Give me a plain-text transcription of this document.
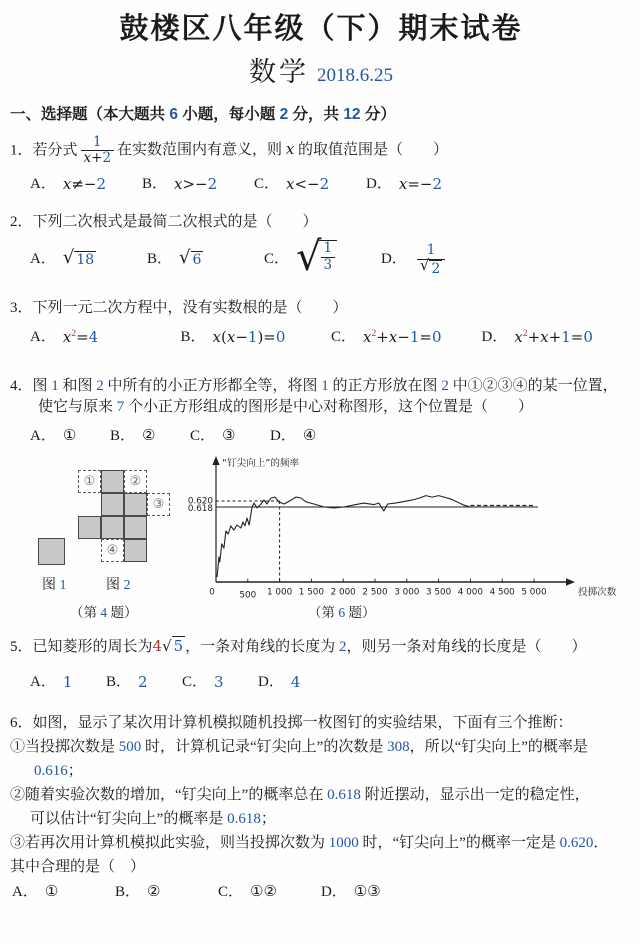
鼓楼区八年级（下）期末试卷
数学 2018.6.25
一、选择题（本大题共 6 小题，每小题 2 分，共 12 分）
1．若分式 $\frac{1}{x+2}$ 在实数范围内有意义，则 x 的取值范围是（　　）
A． x≠−2 B． x>−2 C． x<−2 D． x=−2
2．下列二次根式是最简二次根式的是（　　）
A． √ 18	B． √ 6	C． √ $\frac{1}{3}$	D． $\frac{1}{√ 2}$
3．下列一元二次方程中，没有实数根的是（　　）
A． $x^2=4$	B． x(x−1)=0	C． $x^2+x-1=0$	D． $x^2+x+1=0$
4．图 1 和图 2 中所有的小正方形都全等，将图 1 的正方形放在图 2 中①②③④的某一位置，
使它与原来 7 个小正方形组成的图形是中心对称图形，这个位置是（　　）
A． ① B． ② C． ③ D． ④
①	②
③
④
图 1	图 2
（第 4 题）
0	500 1 000 1 500 2 000 2 500 3 000 3 500 4 000 4 500 5 000
0.620
0.618
“钉尖向上”的频率
投掷次数
（第 6 题）
5．已知菱形的周长为4√ 5 ，一条对角线的长度为 2，则另一条对角线的长度是（　　）
A． 1 B． 2 C． 3 D． 4
6．如图，显示了某次用计算机模拟随机投掷一枚图钉的实验结果，下面有三个推断：
①当投掷次数是 500 时，计算机记录“钉尖向上”的次数是 308，所以“钉尖向上”的概率是
0.616；
②随着实验次数的增加，“钉尖向上”的概率总在 0.618 附近摆动，显示出一定的稳定性，
可以估计“钉尖向上”的概率是 0.618；
③若再次用计算机模拟此实验，则当投掷次数为 1000 时，“钉尖向上”的概率一定是 0.620．
其中合理的是（　）
A． ①	B． ②	C． ①②	D． ①③
